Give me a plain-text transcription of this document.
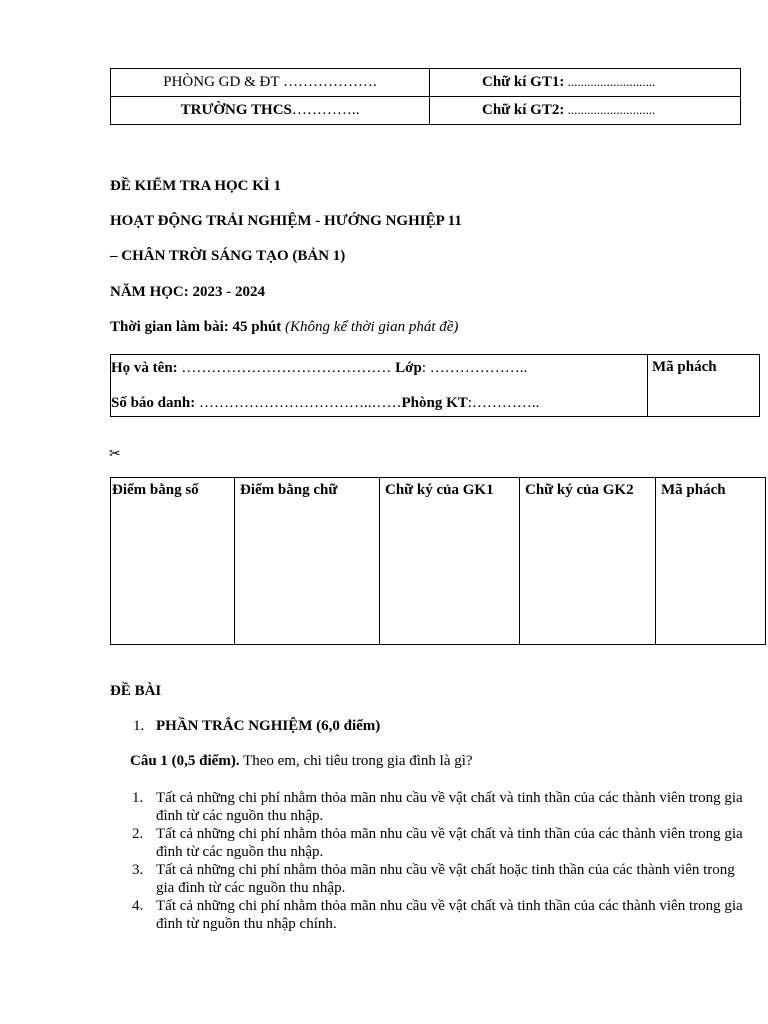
PHÒNG GD & ĐT ……………….	Chữ kí GT1: ...........................
TRƯỜNG THCS…………..	Chữ kí GT2: ...........................
ĐỀ KIỂM TRA HỌC KÌ 1
HOẠT ĐỘNG TRẢI NGHIỆM - HƯỚNG NGHIỆP 11
– CHÂN TRỜI SÁNG TẠO (BẢN 1)
NĂM HỌC: 2023 - 2024
Thời gian làm bài: 45 phút (Không kể thời gian phát đề)
Họ và tên: …………………………………… Lớp: ………………..
Số báo danh: ……………………………..……Phòng KT:…………..
	Mã phách
✂
Điểm bằng số	Điểm bằng chữ	Chữ ký của GK1	Chữ ký của GK2	Mã phách
ĐỀ BÀI
1. PHẦN TRẮC NGHIỆM (6,0 điểm)
Câu 1 (0,5 điểm). Theo em, chi tiêu trong gia đình là gì?
1. Tất cả những chi phí nhằm thỏa mãn nhu cầu về vật chất và tinh thần của các thành viên trong gia đình từ các nguồn thu nhập.
2. Tất cả những chi phí nhằm thỏa mãn nhu cầu về vật chất và tinh thần của các thành viên trong gia đình từ các nguồn thu nhập.
3. Tất cả những chi phí nhằm thỏa mãn nhu cầu về vật chất hoặc tinh thần của các thành viên trong gia đình từ các nguồn thu nhập.
4. Tất cả những chi phí nhằm thỏa mãn nhu cầu về vật chất và tinh thần của các thành viên trong gia đình từ nguồn thu nhập chính.
